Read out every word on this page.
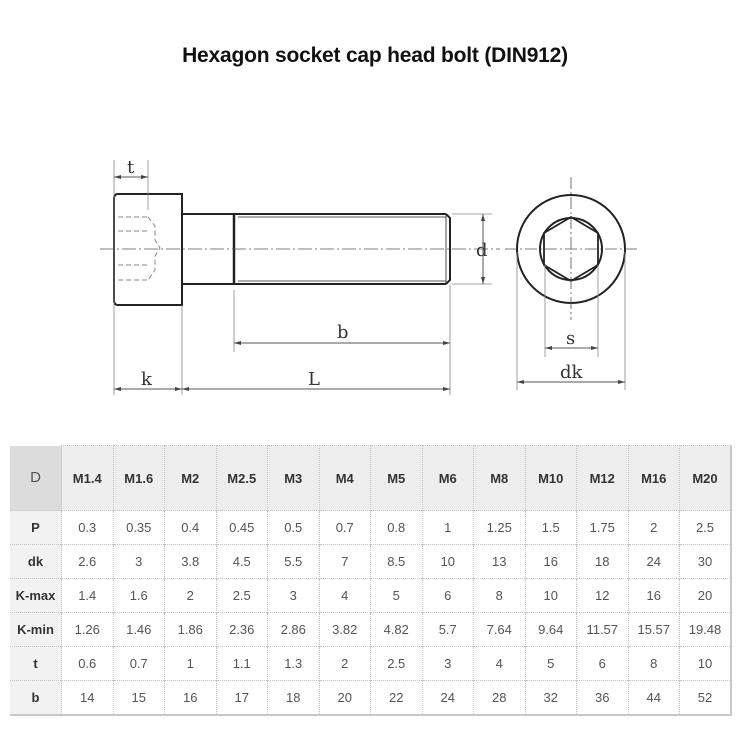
Hexagon socket cap head bolt (DIN912)
t
d
b
k	L
s
dk
D	M1.4	M1.6	M2	M2.5	M3	M4	M5	M6	M8	M10	M12	M16	M20
P	0.3	0.35	0.4	0.45	0.5	0.7	0.8	1	1.25	1.5	1.75	2	2.5
dk	2.6	3	3.8	4.5	5.5	7	8.5	10	13	16	18	24	30
K-max	1.4	1.6	2	2.5	3	4	5	6	8	10	12	16	20
K-min	1.26	1.46	1.86	2.36	2.86	3.82	4.82	5.7	7.64	9.64	11.57	15.57	19.48
t	0.6	0.7	1	1.1	1.3	2	2.5	3	4	5	6	8	10
b	14	15	16	17	18	20	22	24	28	32	36	44	52
